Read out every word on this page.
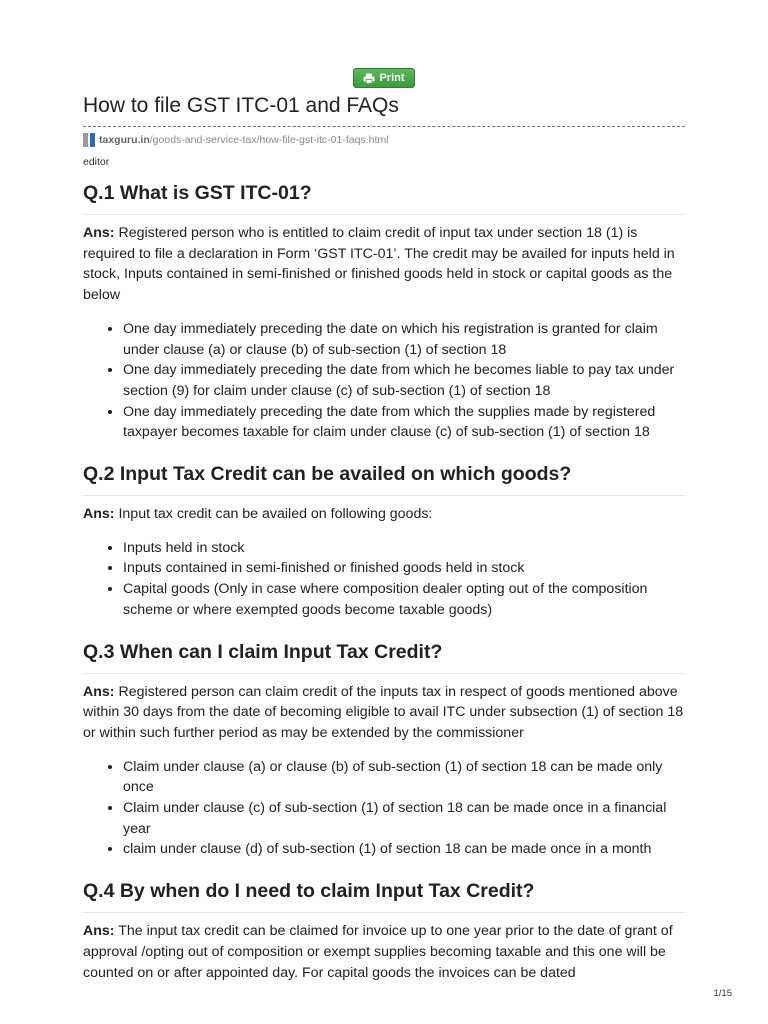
Print
How to file GST ITC-01 and FAQs
taxguru.in /goods-and-service-tax/how-file-gst-itc-01-faqs.html
editor
Q.1 What is GST ITC-01?

Ans: Registered person who is entitled to claim credit of input tax under section 18 (1) is required to file a declaration in Form ‘GST ITC-01’. The credit may be availed for inputs held in stock, Inputs contained in semi-finished or finished goods held in stock or capital goods as the below

• One day immediately preceding the date on which his registration is granted for claim under clause (a) or clause (b) of sub-section (1) of section 18
• One day immediately preceding the date from which he becomes liable to pay tax under section (9) for claim under clause (c) of sub-section (1) of section 18
• One day immediately preceding the date from which the supplies made by registered taxpayer becomes taxable for claim under clause (c) of sub-section (1) of section 18
Q.2 Input Tax Credit can be availed on which goods?

Ans: Input tax credit can be availed on following goods:

• Inputs held in stock
• Inputs contained in semi-finished or finished goods held in stock
• Capital goods (Only in case where composition dealer opting out of the composition scheme or where exempted goods become taxable goods)
Q.3 When can I claim Input Tax Credit?

Ans: Registered person can claim credit of the inputs tax in respect of goods mentioned above within 30 days from the date of becoming eligible to avail ITC under subsection (1) of section 18 or within such further period as may be extended by the commissioner

• Claim under clause (a) or clause (b) of sub-section (1) of section 18 can be made only once
• Claim under clause (c) of sub-section (1) of section 18 can be made once in a financial year
• claim under clause (d) of sub-section (1) of section 18 can be made once in a month
Q.4 By when do I need to claim Input Tax Credit?

Ans: The input tax credit can be claimed for invoice up to one year prior to the date of grant of approval /opting out of composition or exempt supplies becoming taxable and this one will be counted on or after appointed day. For capital goods the invoices can be dated

1/15
